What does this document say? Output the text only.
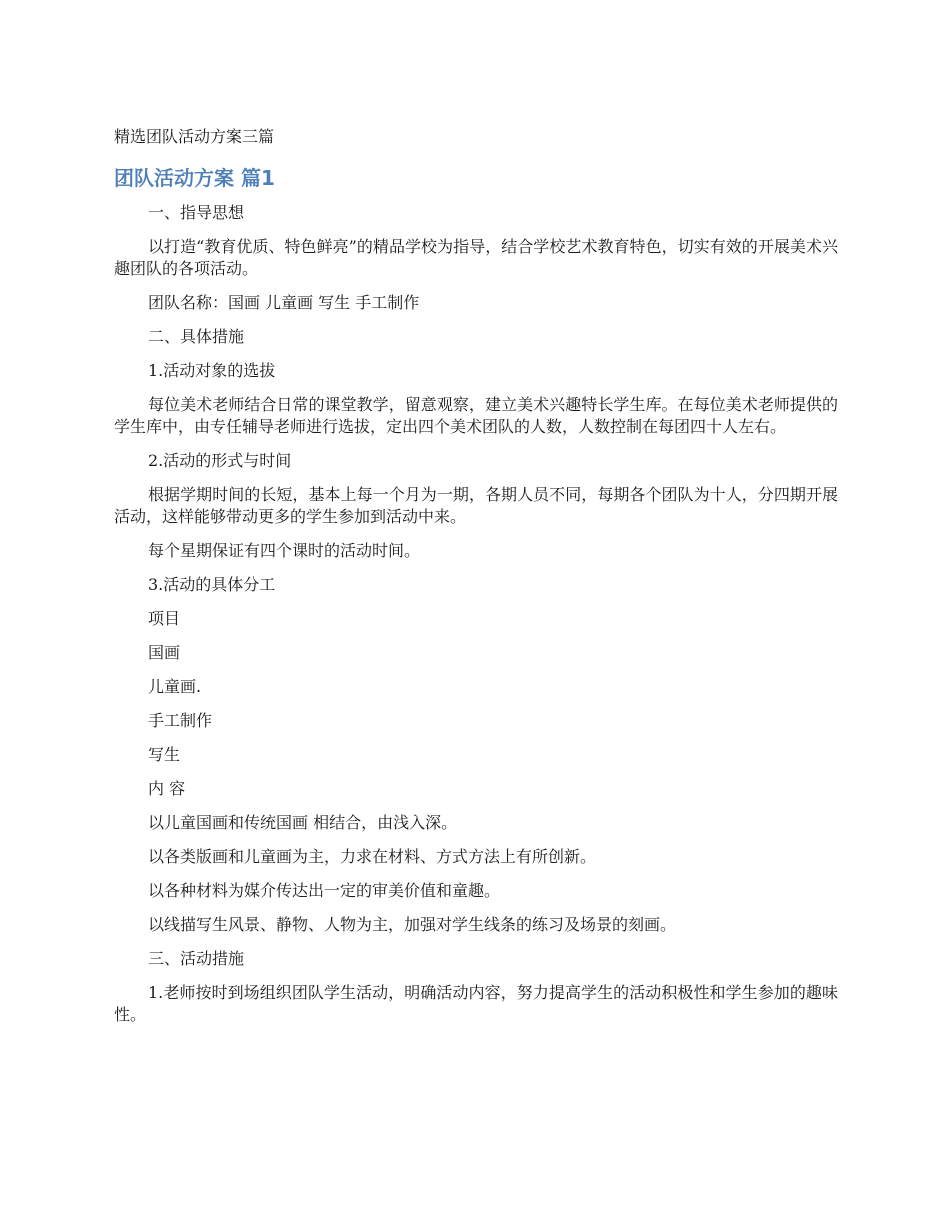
精选团队活动方案三篇
团队活动方案 篇1

一、指导思想

以打造“教育优质、特色鲜亮”的精品学校为指导，结合学校艺术教育特色，切实有效的开展美术兴趣团队的各项活动。

团队名称：国画 儿童画 写生 手工制作

二、具体措施

1.活动对象的选拔

每位美术老师结合日常的课堂教学，留意观察，建立美术兴趣特长学生库。在每位美术老师提供的学生库中，由专任辅导老师进行选拔，定出四个美术团队的人数，人数控制在每团四十人左右。

2.活动的形式与时间

根据学期时间的长短，基本上每一个月为一期，各期人员不同，每期各个团队为十人，分四期开展活动，这样能够带动更多的学生参加到活动中来。

每个星期保证有四个课时的活动时间。

3.活动的具体分工

项目

国画

儿童画.

手工制作

写生

内 容

以儿童国画和传统国画 相结合，由浅入深。

以各类版画和儿童画为主，力求在材料、方式方法上有所创新。

以各种材料为媒介传达出一定的审美价值和童趣。

以线描写生风景、静物、人物为主，加强对学生线条的练习及场景的刻画。

三、活动措施

1.老师按时到场组织团队学生活动，明确活动内容，努力提高学生的活动积极性和学生参加的趣味性。
